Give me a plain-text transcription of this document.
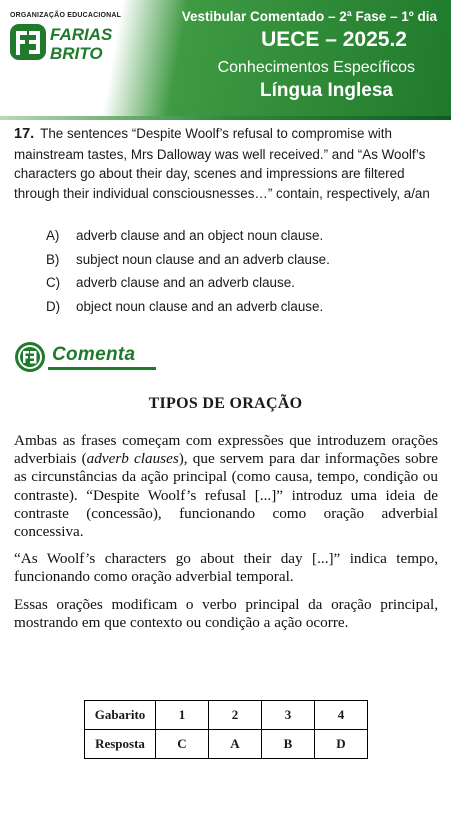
ORGANIZAÇÃO EDUCACIONAL
FARIAS
BRITO
Vestibular Comentado – 2ª Fase – 1º dia
UECE – 2025.2
Conhecimentos Específicos
Língua Inglesa
17. The sentences “Despite Woolf’s refusal to compromise with mainstream tastes, Mrs Dalloway was well received.” and “As Woolf’s characters go about their day, scenes and impressions are filtered through their individual consciousnesses…” contain, respectively, a/an
A)	adverb clause and an object noun clause.
B)	subject noun clause and an adverb clause.
C)	adverb clause and an adverb clause.
D)	object noun clause and an adverb clause.
Comenta
TIPOS DE ORAÇÃO

Ambas as frases começam com expressões que introduzem orações adverbiais (adverb clauses), que servem para dar informações sobre as circunstâncias da ação principal (como causa, tempo, condição ou contraste). “Despite Woolf’s refusal [...]” introduz uma ideia de contraste (concessão), funcionando como oração adverbial concessiva.

“As Woolf’s characters go about their day [...]” indica tempo, funcionando como oração adverbial temporal.

Essas orações modificam o verbo principal da oração principal, mostrando em que contexto ou condição a ação ocorre.

Gabarito	1	2	3	4
Resposta	C	A	B	D
